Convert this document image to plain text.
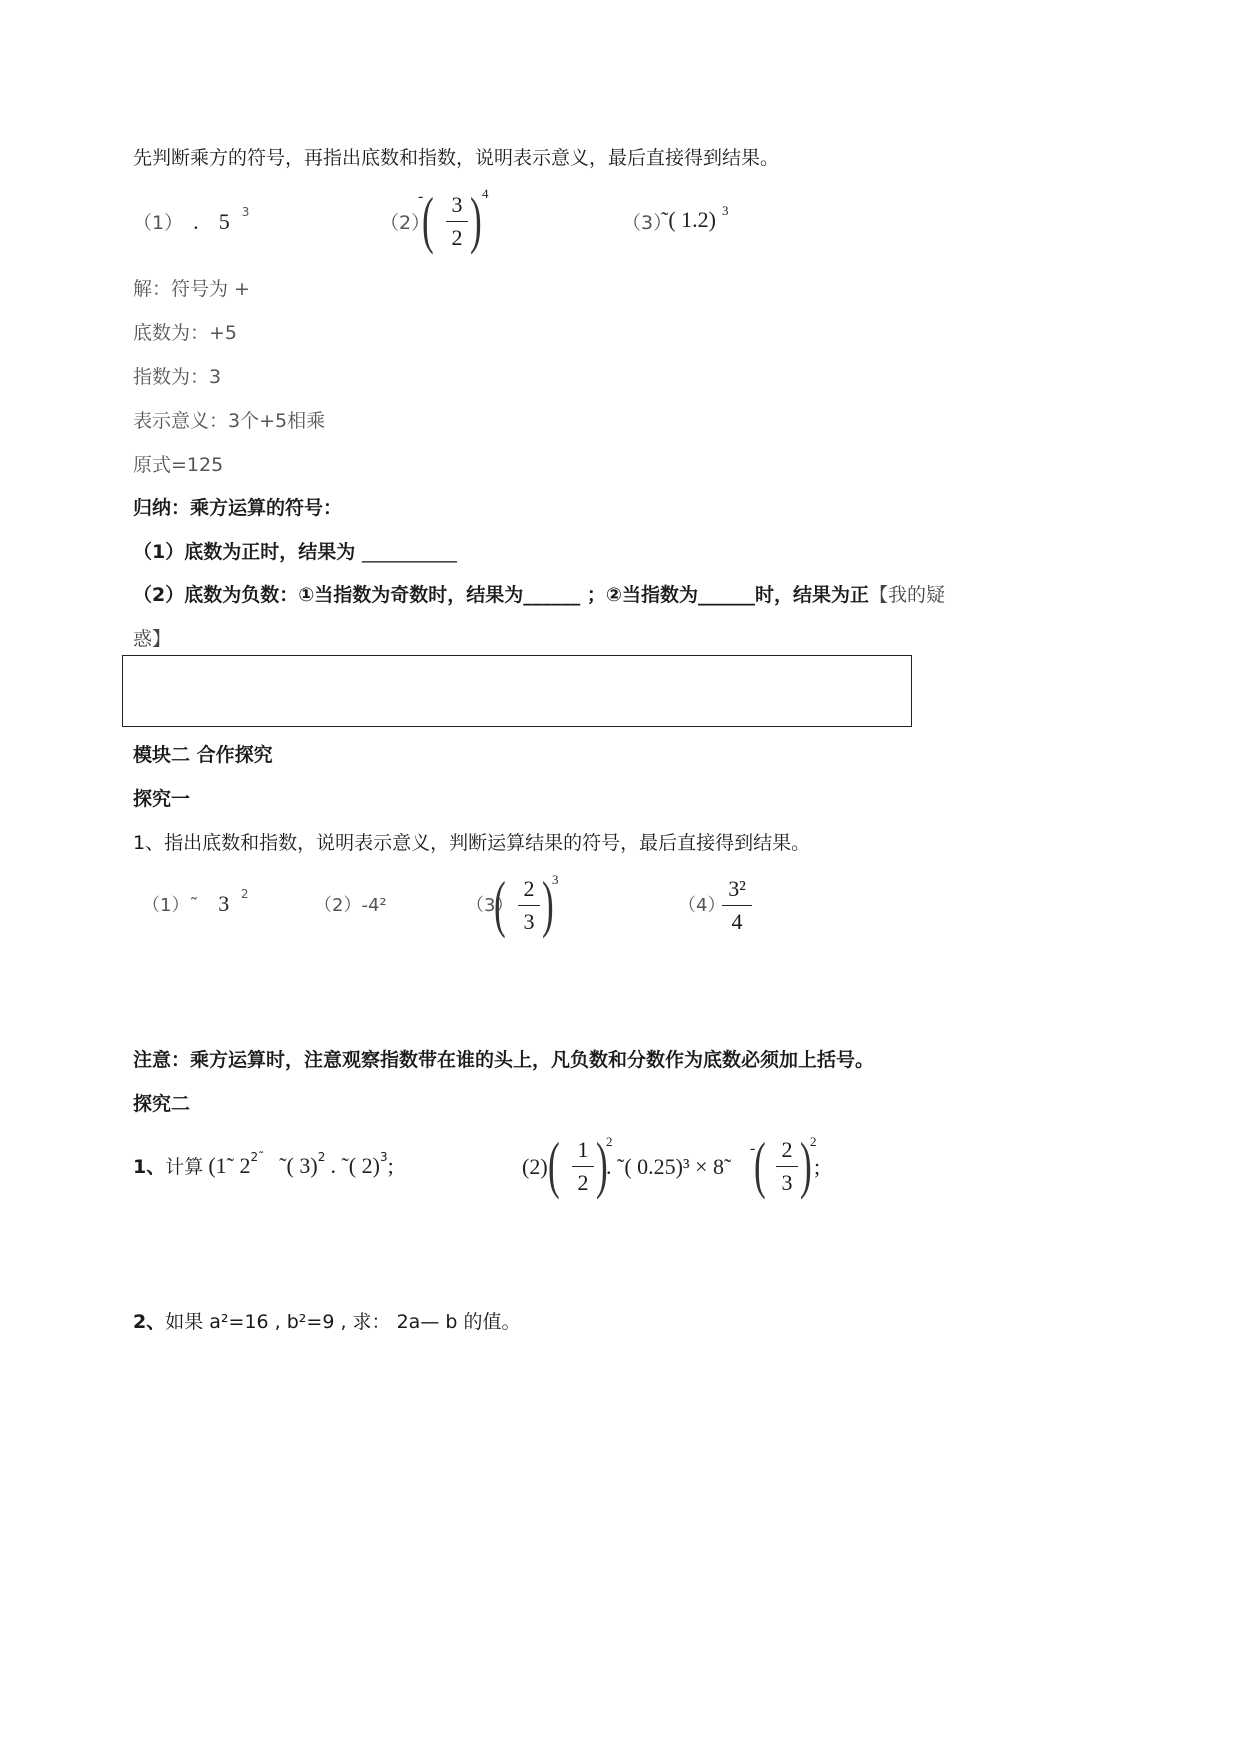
先判断乘方的符号，再指出底数和指数，说明表示意义，最后直接得到结果。
（1） . 5 $^3$
（2）
-
( 3
2 ) 4
（3）
˜( 1.2) 3
解：符号为 +
底数为：+5
指数为：3
表示意义：3个+5相乘
原式=125
归纳：乘方运算的符号：
（1）底数为正时，结果为 __________
（2）底数为负数：①当指数为奇数时，结果为______ ；②当指数为______时，结果为正【我的疑
惑】
模块二 合作探究
探究一
1、指出底数和指数，说明表示意义，判断运算结果的符号，最后直接得到结果。
（1）˜ 3 $^2$
（2）-4²	（3）
( 2
3 )
3
（4）
3²
4
注意：乘方运算时，注意观察指数带在谁的头上，凡负数和分数作为底数必须加上括号。
探究二
1、计算 (1˜ $2^{2˜}$ ˜( 3)$^2$ . ˜( 2)$^3$;	(2) ( 1
2 )
2
. ˜( 0.25)³ × 8̃
-
( 2
3 )
2
;
2、如果 a²=16 , b²=9 , 求： 2a— b 的值。
